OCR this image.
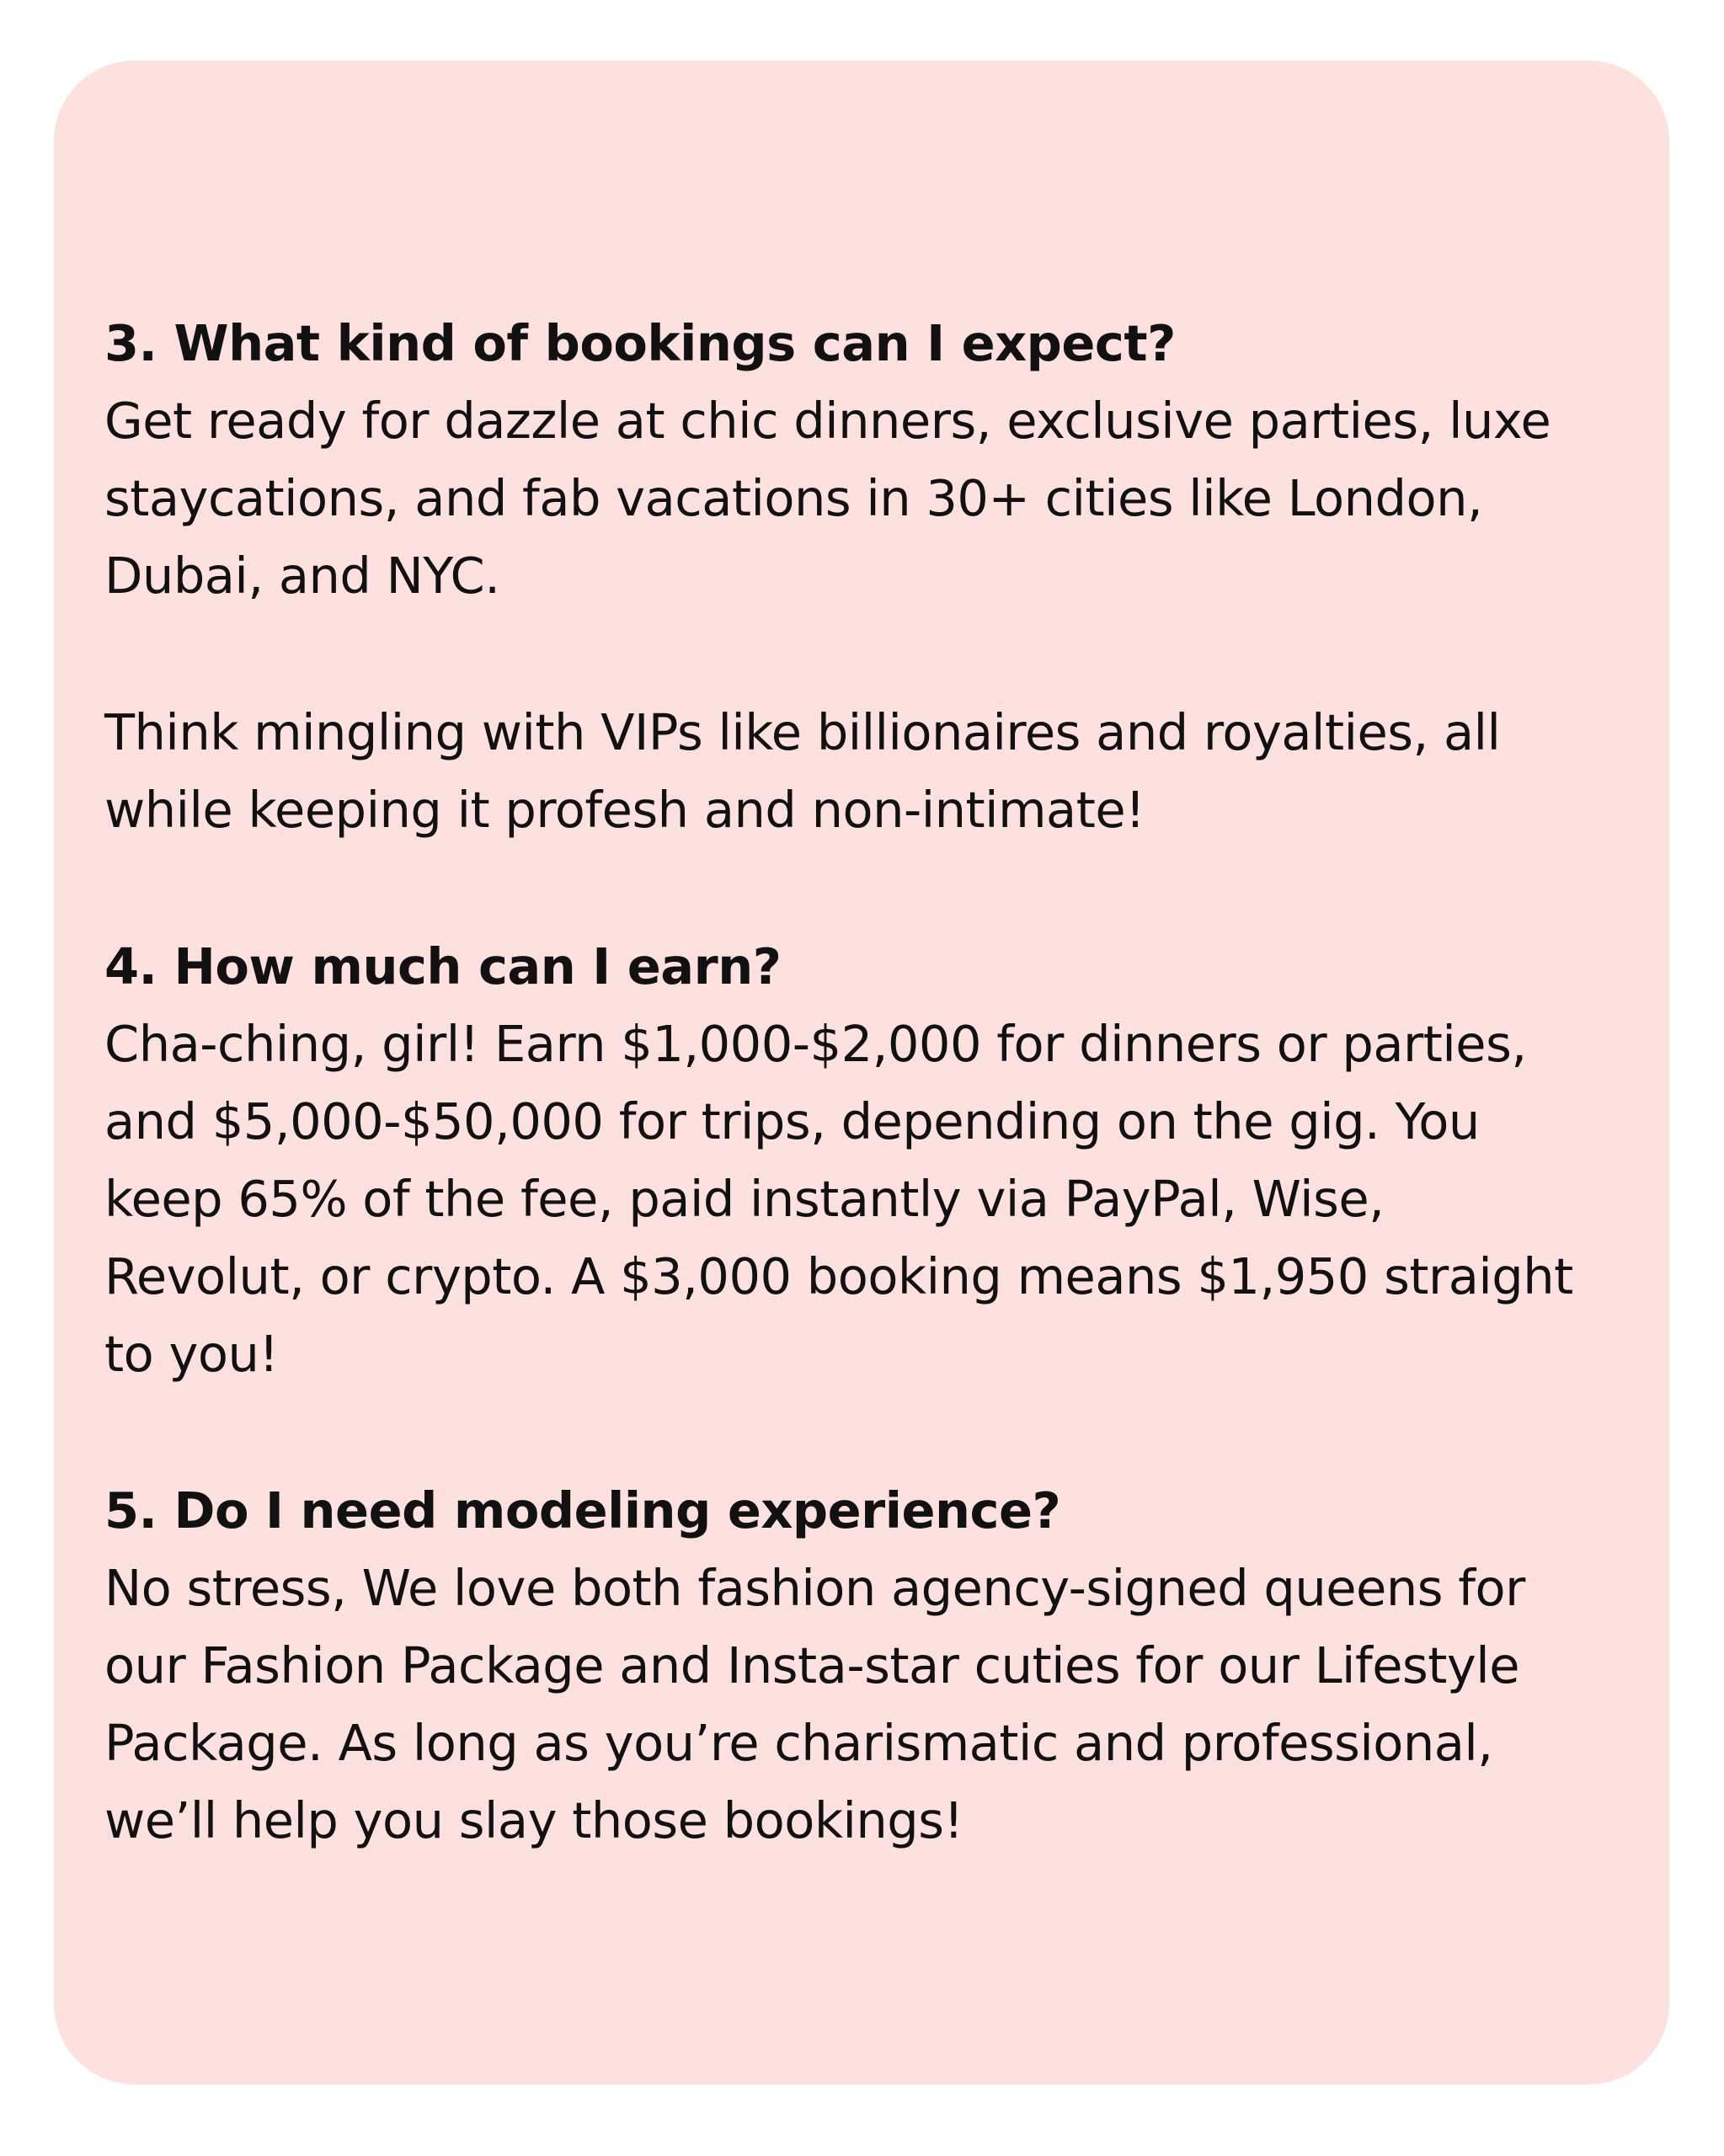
3. What kind of bookings can I expect?

Get ready for dazzle at chic dinners, exclusive parties, luxe staycations, and fab vacations in 30+ cities like London, Dubai, and NYC.

Think mingling with VIPs like billionaires and royalties, all while keeping it profesh and non-intimate!

4. How much can I earn?

Cha-ching, girl! Earn $1,000-$2,000 for dinners or parties, and $5,000-$50,000 for trips, depending on the gig. You keep 65% of the fee, paid instantly via PayPal, Wise, Revolut, or crypto. A $3,000 booking means $1,950 straight to you!

5. Do I need modeling experience?

No stress, We love both fashion agency-signed queens for our Fashion Package and Insta-star cuties for our Lifestyle Package. As long as you’re charismatic and professional, we’ll help you slay those bookings!
